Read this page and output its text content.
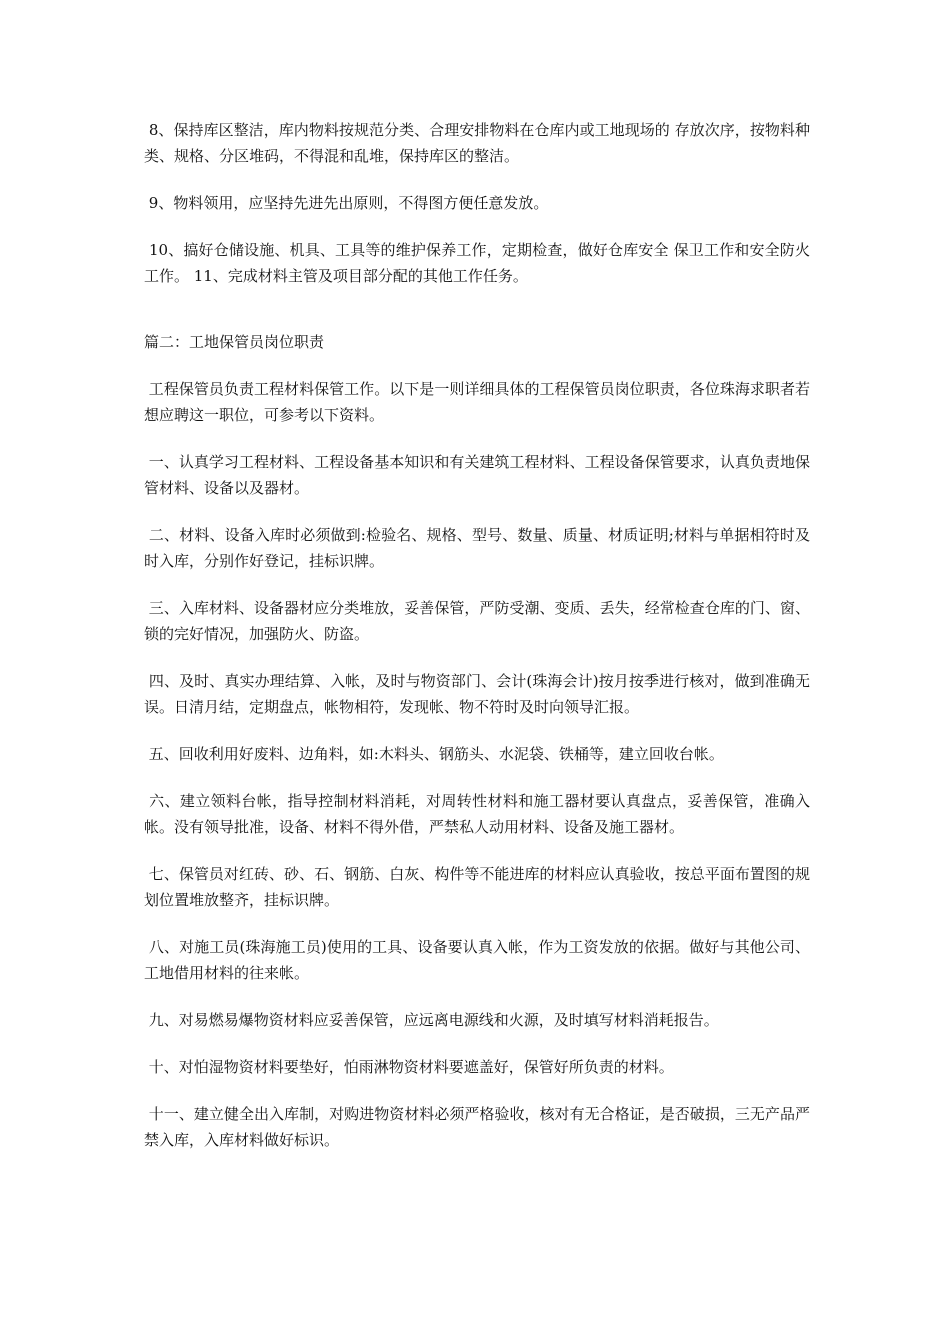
8、保持库区整洁，库内物料按规范分类、合理安排物料在仓库内或工地现场的 存放次序，按物料种类、规格、分区堆码，不得混和乱堆，保持库区的整洁。

9、物料领用，应坚持先进先出原则，不得图方便任意发放。

10、搞好仓储设施、机具、工具等的维护保养工作，定期检查，做好仓库安全 保卫工作和安全防火工作。 11、完成材料主管及项目部分配的其他工作任务。

篇二：工地保管员岗位职责

工程保管员负责工程材料保管工作。以下是一则详细具体的工程保管员岗位职责，各位珠海求职者若想应聘这一职位，可参考以下资料。

一、认真学习工程材料、工程设备基本知识和有关建筑工程材料、工程设备保管要求，认真负责地保管材料、设备以及器材。

二、材料、设备入库时必须做到:检验名、规格、型号、数量、质量、材质证明;材料与单据相符时及时入库，分别作好登记，挂标识牌。

三、入库材料、设备器材应分类堆放，妥善保管，严防受潮、变质、丢失，经常检查仓库的门、窗、锁的完好情况，加强防火、防盗。

四、及时、真实办理结算、入帐，及时与物资部门、会计(珠海会计)按月按季进行核对，做到准确无误。日清月结，定期盘点，帐物相符，发现帐、物不符时及时向领导汇报。

五、回收利用好废料、边角料，如:木料头、钢筋头、水泥袋、铁桶等，建立回收台帐。

六、建立领料台帐，指导控制材料消耗，对周转性材料和施工器材要认真盘点，妥善保管，准确入帐。没有领导批准，设备、材料不得外借，严禁私人动用材料、设备及施工器材。

七、保管员对红砖、砂、石、钢筋、白灰、构件等不能进库的材料应认真验收，按总平面布置图的规划位置堆放整齐，挂标识牌。

八、对施工员(珠海施工员)使用的工具、设备要认真入帐，作为工资发放的依据。做好与其他公司、工地借用材料的往来帐。

九、对易燃易爆物资材料应妥善保管，应远离电源线和火源，及时填写材料消耗报告。

十、对怕湿物资材料要垫好，怕雨淋物资材料要遮盖好，保管好所负责的材料。

十一、建立健全出入库制，对购进物资材料必须严格验收，核对有无合格证，是否破损，三无产品严禁入库，入库材料做好标识。
